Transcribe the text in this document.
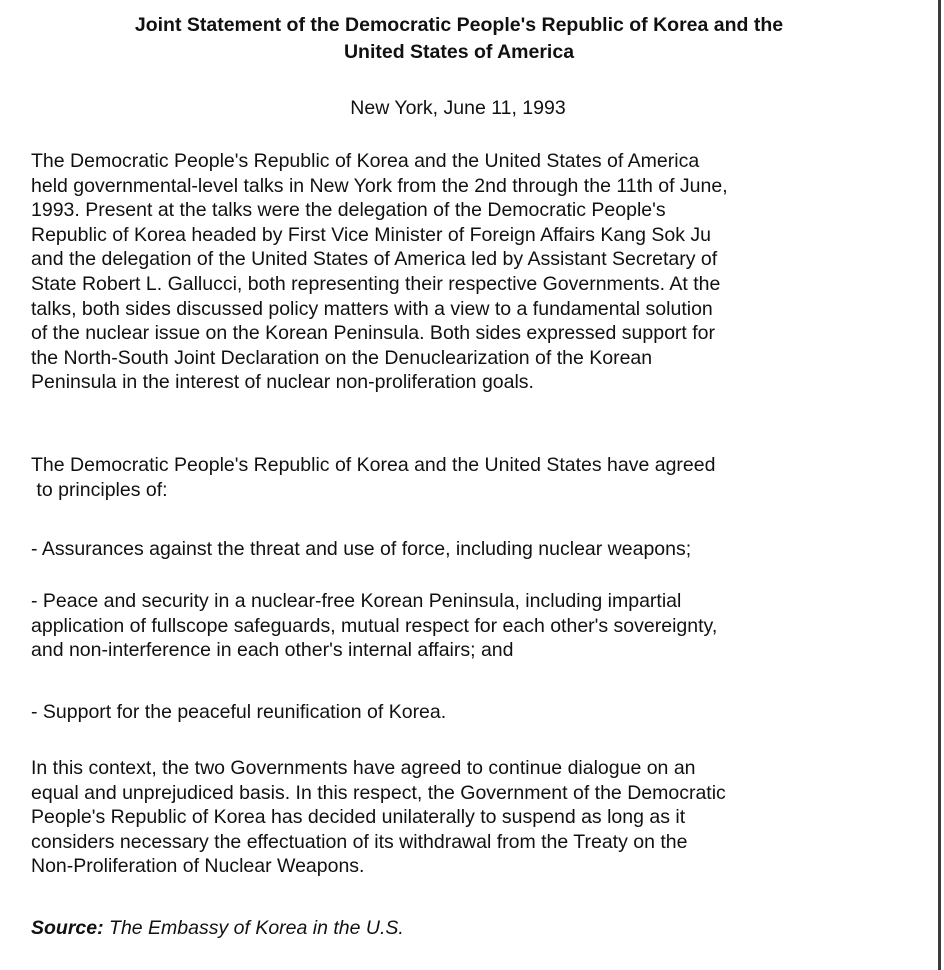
Joint Statement of the Democratic People's Republic of Korea and the
United States of America

New York, June 11, 1993

The Democratic People's Republic of Korea and the United States of America
held governmental-level talks in New York from the 2nd through the 11th of June,
1993. Present at the talks were the delegation of the Democratic People's
Republic of Korea headed by First Vice Minister of Foreign Affairs Kang Sok Ju
and the delegation of the United States of America led by Assistant Secretary of
State Robert L. Gallucci, both representing their respective Governments. At the
talks, both sides discussed policy matters with a view to a fundamental solution
of the nuclear issue on the Korean Peninsula. Both sides expressed support for
the North-South Joint Declaration on the Denuclearization of the Korean
Peninsula in the interest of nuclear non-proliferation goals.

The Democratic People's Republic of Korea and the United States have agreed
to principles of:

- Assurances against the threat and use of force, including nuclear weapons;

- Peace and security in a nuclear-free Korean Peninsula, including impartial
application of fullscope safeguards, mutual respect for each other's sovereignty,
and non-interference in each other's internal affairs; and

- Support for the peaceful reunification of Korea.

In this context, the two Governments have agreed to continue dialogue on an
equal and unprejudiced basis. In this respect, the Government of the Democratic
People's Republic of Korea has decided unilaterally to suspend as long as it
considers necessary the effectuation of its withdrawal from the Treaty on the
Non-Proliferation of Nuclear Weapons.

Source: The Embassy of Korea in the U.S.
